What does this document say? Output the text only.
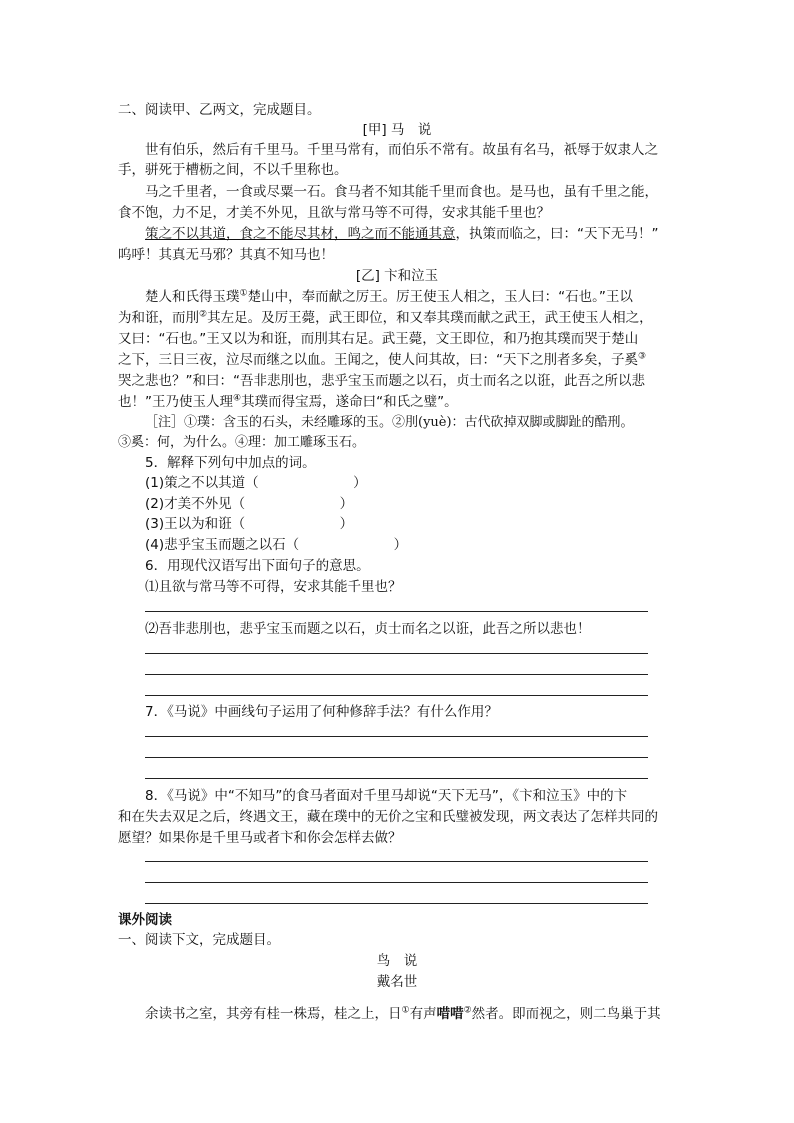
二、阅读甲、乙两文，完成题目。
[甲] 马　说
世有伯乐，然后有千里马。千里马常有，而伯乐不常有。故虽有名马，祇辱于奴隶人之
手，骈死于槽枥之间，不以千里称也。
马之千里者，一食或尽粟一石。食马者不知其能千里而食也。是马也，虽有千里之能，
食不饱，力不足，才美不外见，且欲与常马等不可得，安求其能千里也？
策之不以其道，食之不能尽其材，鸣之而不能通其意，执策而临之，曰：“天下无马！”
呜呼！其真无马邪？其真不知马也！
[乙] 卞和泣玉
楚人和氏得玉璞①楚山中，奉而献之厉王。厉王使玉人相之，玉人曰：“石也。”王以
为和诳，而刖②其左足。及厉王薨，武王即位，和又奉其璞而献之武王，武王使玉人相之，
又曰：“石也。”王又以为和诳，而刖其右足。武王薨，文王即位，和乃抱其璞而哭于楚山
之下，三日三夜，泣尽而继之以血。王闻之，使人问其故，曰：“天下之刖者多矣，子奚③
哭之悲也？”和曰：“吾非悲刖也，悲乎宝玉而题之以石，贞士而名之以诳，此吾之所以悲
也！”王乃使玉人理④其璞而得宝焉，遂命曰“和氏之璧”。
［注］①璞：含玉的石头，未经雕琢的玉。②刖(yuè)：古代砍掉双脚或脚趾的酷刑。
③奚：何，为什么。④理：加工雕琢玉石。
5．解释下列句中加点的词。
(1)策之不以其道（　　　　　　　）
(2)才美不外见（　　　　　　　）
(3)王以为和诳（　　　　　　　）
(4)悲乎宝玉而题之以石（　　　　　　　）
6．用现代汉语写出下面句子的意思。
⑴且欲与常马等不可得，安求其能千里也？
⑵吾非悲刖也，悲乎宝玉而题之以石，贞士而名之以诳，此吾之所以悲也！
7．《马说》中画线句子运用了何种修辞手法？有什么作用？
8．《马说》中“不知马”的食马者面对千里马却说“天下无马”，《卞和泣玉》中的卞
和在失去双足之后，终遇文王，藏在璞中的无价之宝和氏璧被发现，两文表达了怎样共同的
愿望？如果你是千里马或者卞和你会怎样去做？
课外阅读
一、阅读下文，完成题目。
鸟　说
戴名世
余读书之室，其旁有桂一株焉，桂之上，日①有声唶唶②然者。即而视之，则二鸟巢于其
